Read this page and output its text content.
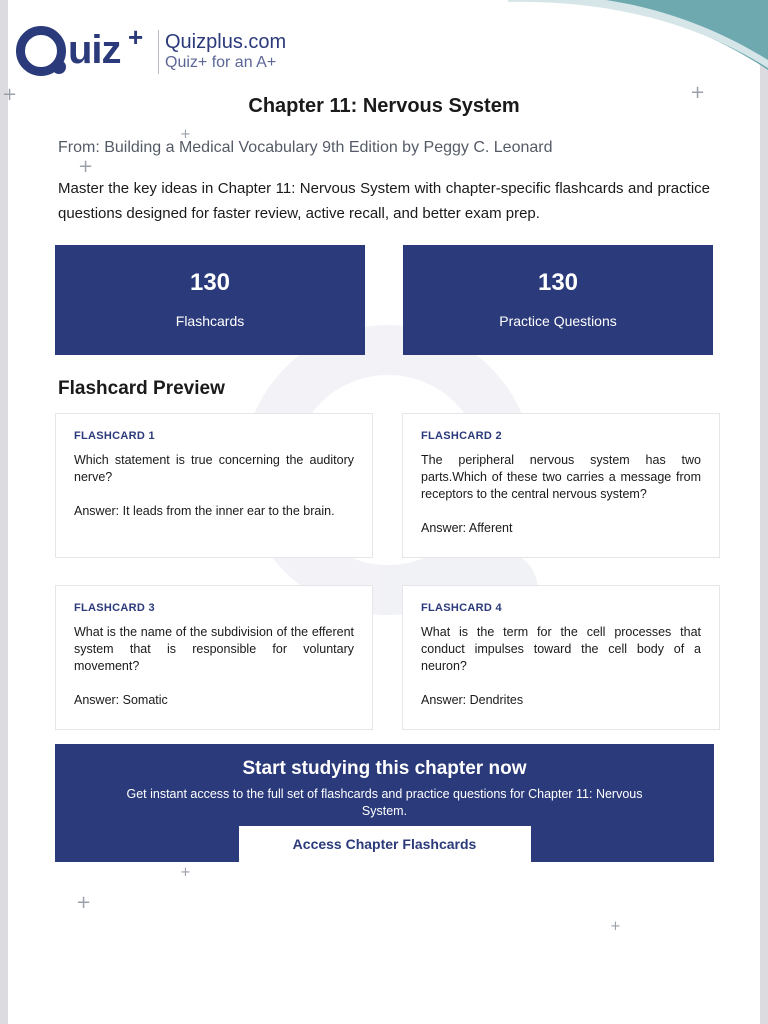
+	+
+
+
+
+
+
uiz + Quizplus.com
Quiz+ for an A+
Chapter 11: Nervous System
From: Building a Medical Vocabulary 9th Edition by Peggy C. Leonard
Master the key ideas in Chapter 11: Nervous System with chapter-specific flashcards and practice questions designed for faster review, active recall, and better exam prep.
130
Flashcards
130
Practice Questions
Flashcard Preview
FLASHCARD 1
Which statement is true concerning the auditory nerve?
Answer: It leads from the inner ear to the brain.
FLASHCARD 2
The peripheral nervous system has two parts.Which of these two carries a message from receptors to the central nervous system?
Answer: Afferent
FLASHCARD 3
What is the name of the subdivision of the efferent system that is responsible for voluntary movement?
Answer: Somatic
FLASHCARD 4
What is the term for the cell processes that conduct impulses toward the cell body of a neuron?
Answer: Dendrites
Start studying this chapter now
Get instant access to the full set of flashcards and practice questions for Chapter 11: Nervous System.
Access Chapter Flashcards
